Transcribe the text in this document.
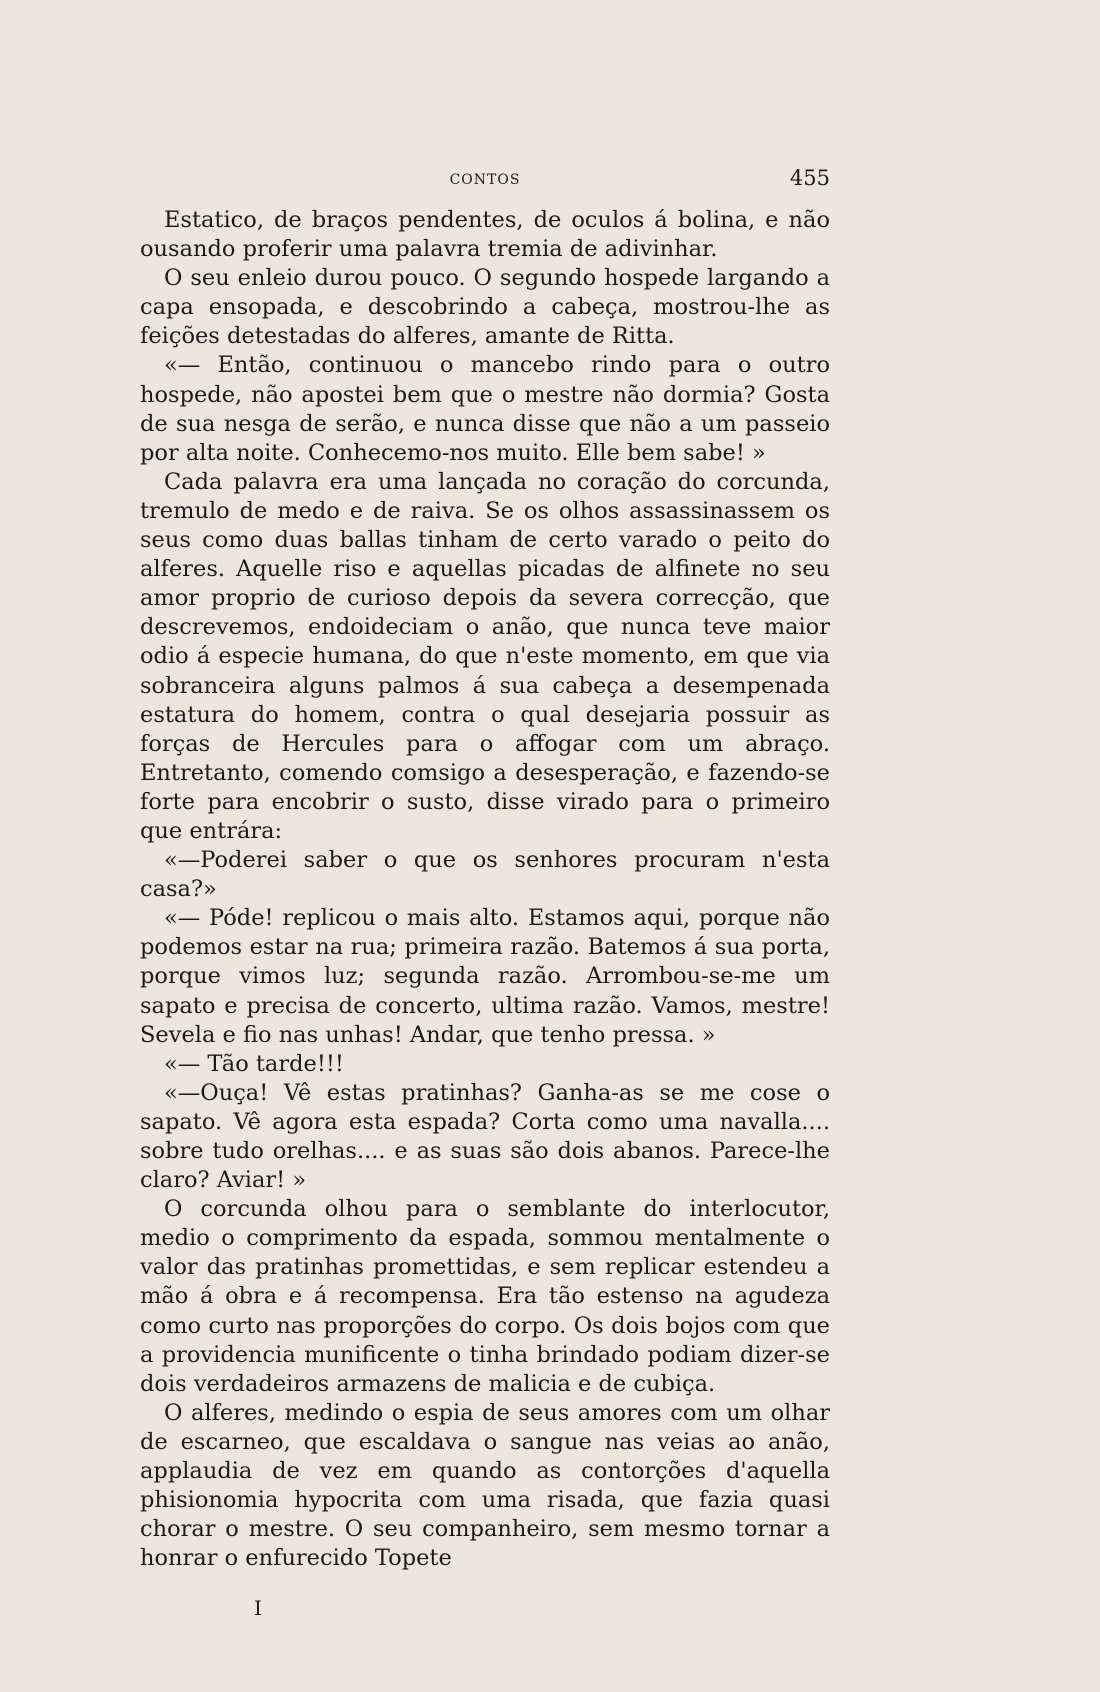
CONTOS	455

Estatico, de braços pendentes, de oculos á bolina, e não ousando proferir uma palavra tremia de adivinhar.

O seu enleio durou pouco. O segundo hospede largando a capa ensopada, e descobrindo a cabeça, mostrou-lhe as feições detestadas do alferes, amante de Ritta.

«— Então, continuou o mancebo rindo para o outro hospede, não apostei bem que o mestre não dormia? Gosta de sua nesga de serão, e nunca disse que não a um passeio por alta noite. Conhecemo-nos muito. Elle bem sabe! »

Cada palavra era uma lançada no coração do corcunda, tremulo de medo e de raiva. Se os olhos assassinassem os seus como duas ballas tinham de certo varado o peito do alferes. Aquelle riso e aquellas picadas de alfinete no seu amor proprio de curioso depois da severa correcção, que descrevemos, endoideciam o anão, que nunca teve maior odio á especie humana, do que n'este momento, em que via sobranceira alguns palmos á sua cabeça a desempenada estatura do homem, contra o qual desejaria possuir as forças de Hercules para o affogar com um abraço. Entretanto, comendo comsigo a desesperação, e fazendo-se forte para encobrir o susto, disse virado para o primeiro que entrára:

«—Poderei saber o que os senhores procuram n'esta casa?»

«— Póde! replicou o mais alto. Estamos aqui, porque não podemos estar na rua; primeira razão. Batemos á sua porta, porque vimos luz; segunda razão. Arrombou-se-me um sapato e precisa de concerto, ultima razão. Vamos, mestre! Sevela e fio nas unhas! Andar, que tenho pressa. »

«— Tão tarde!!!

«—Ouça! Vê estas pratinhas? Ganha-as se me cose o sapato. Vê agora esta espada? Corta como uma navalla.... sobre tudo orelhas.... e as suas são dois abanos. Parece-lhe claro? Aviar! »

O corcunda olhou para o semblante do interlocutor, medio o comprimento da espada, sommou mentalmente o valor das pratinhas promettidas, e sem replicar estendeu a mão á obra e á recompensa. Era tão estenso na agudeza como curto nas proporções do corpo. Os dois bojos com que a providencia munificente o tinha brindado podiam dizer-se dois verdadeiros armazens de malicia e de cubiça.

O alferes, medindo o espia de seus amores com um olhar de escarneo, que escaldava o sangue nas veias ao anão, applaudia de vez em quando as contorções d'aquella phisionomia hypocrita com uma risada, que fazia quasi chorar o mestre. O seu companheiro, sem mesmo tornar a honrar o enfurecido Topete

I
